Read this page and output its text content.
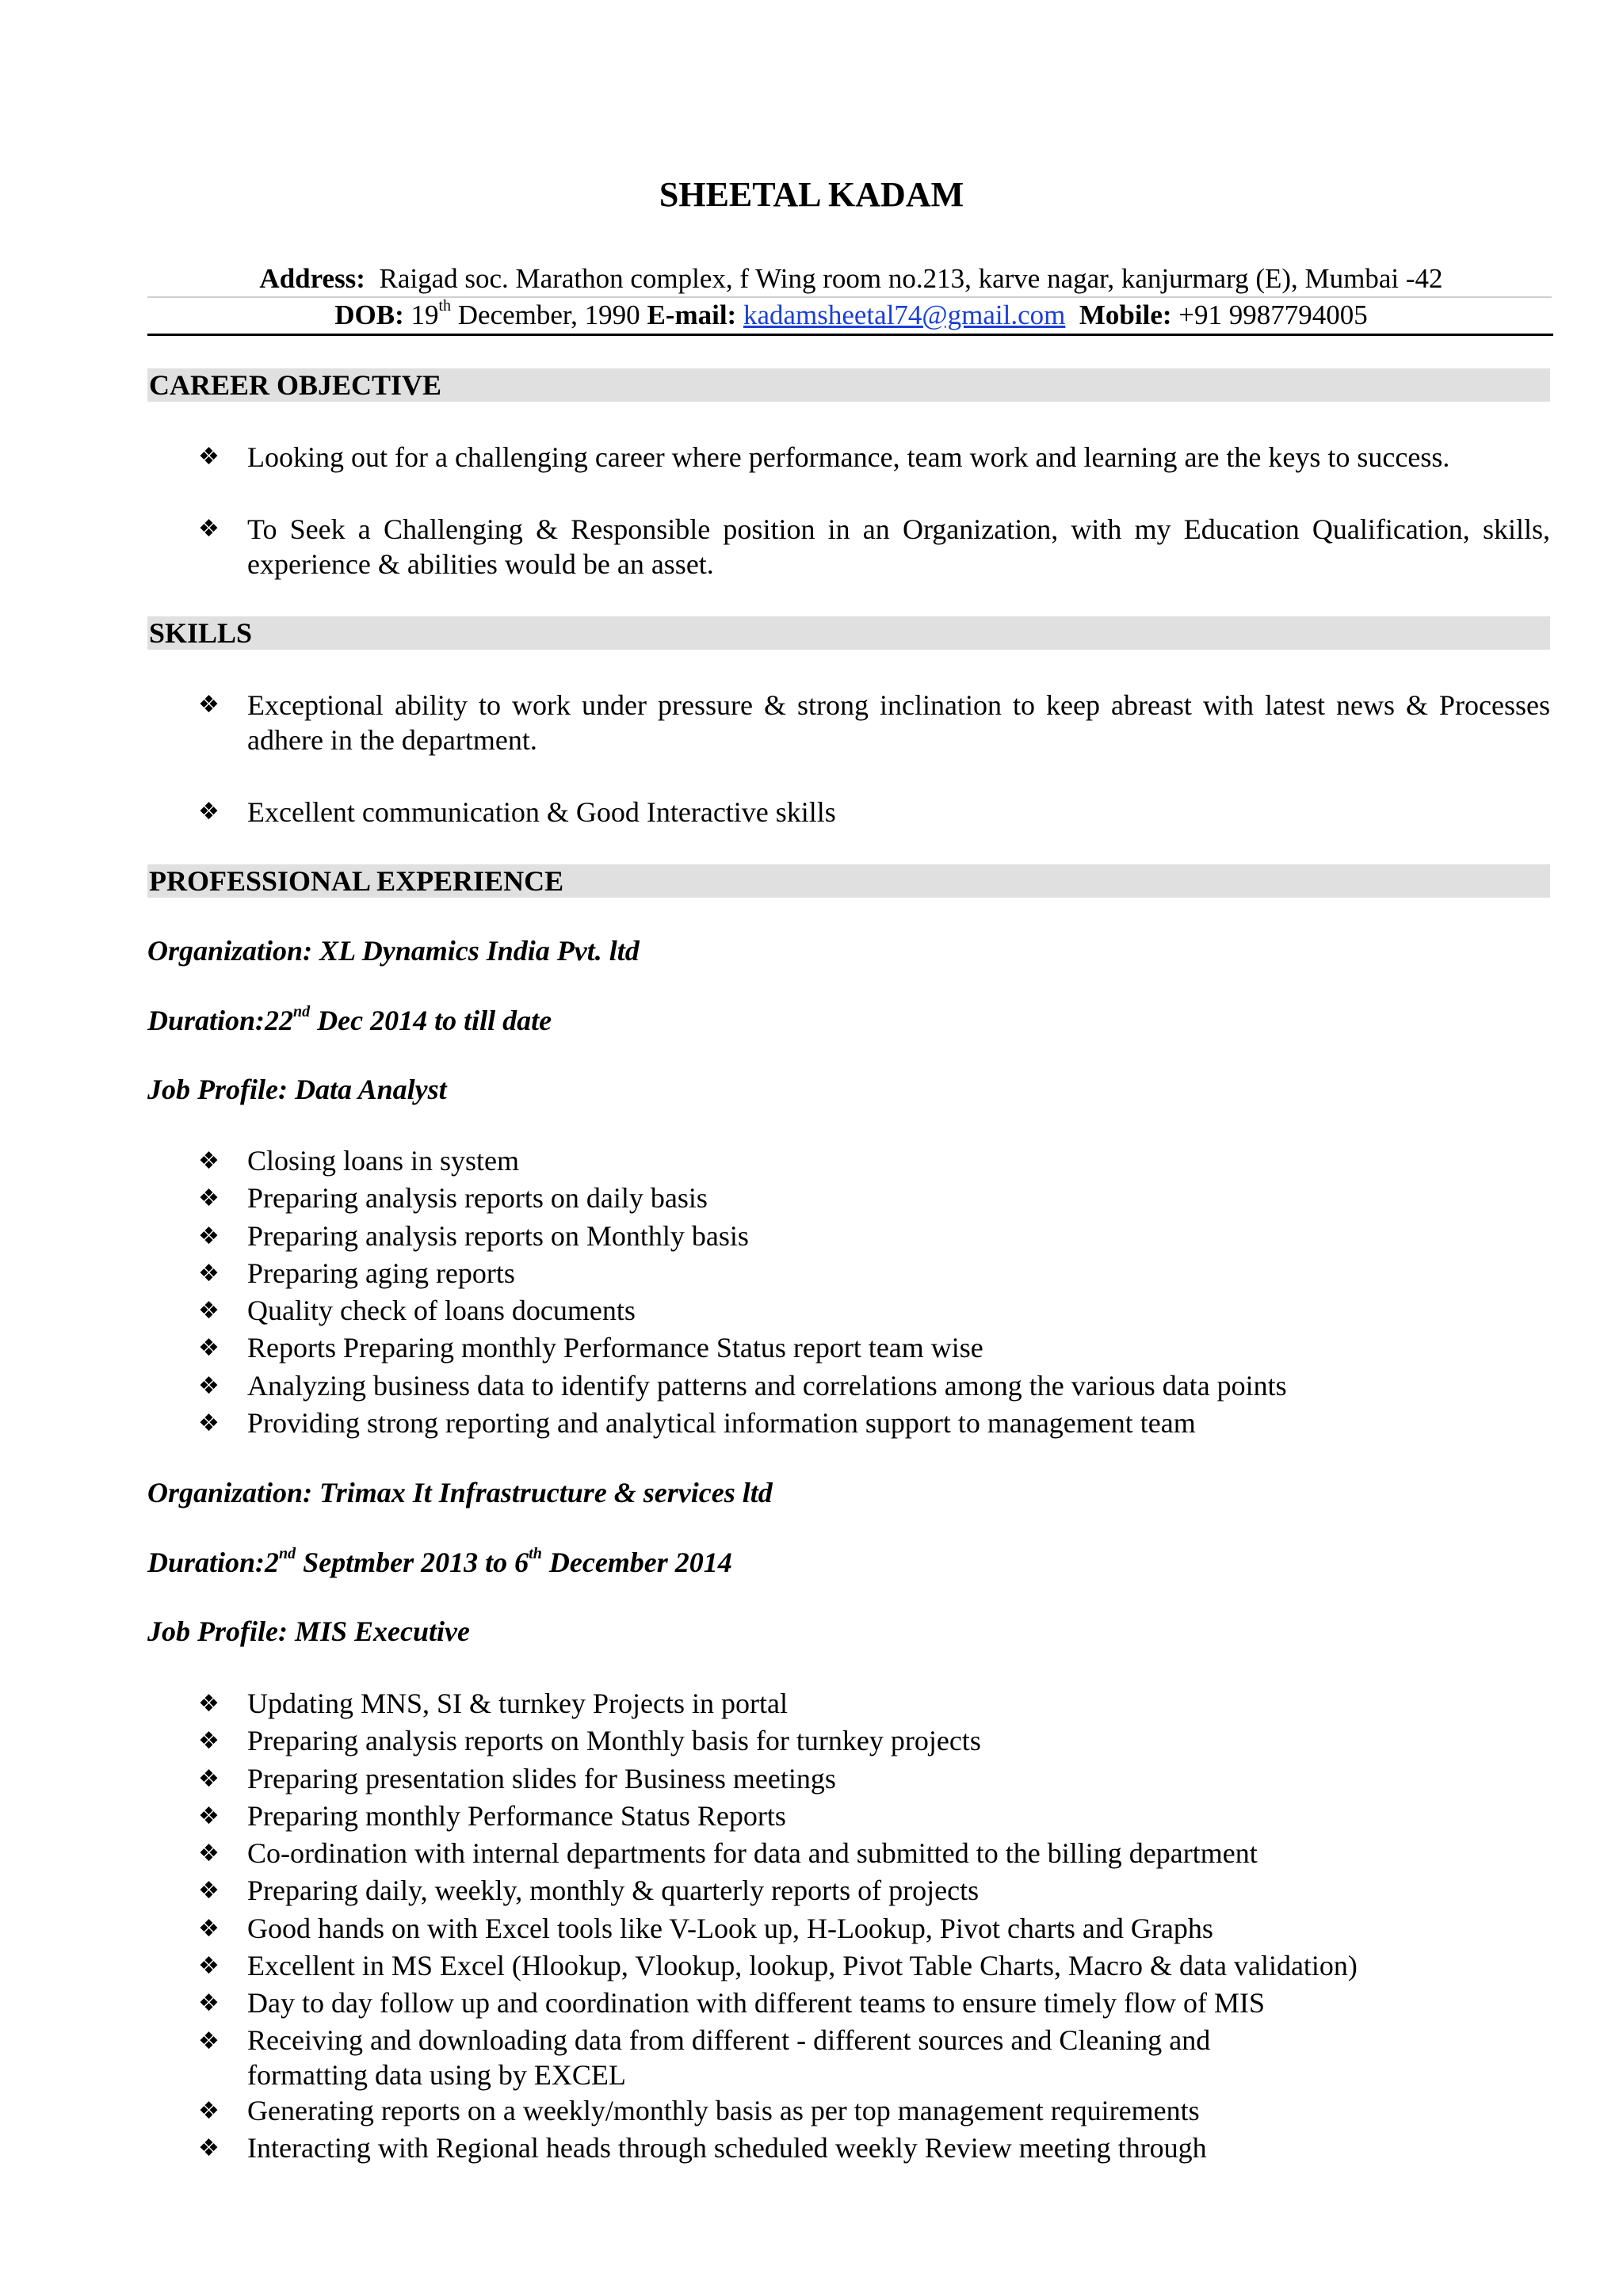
SHEETAL KADAM
Address: Raigad soc. Marathon complex, f Wing room no.213, karve nagar, kanjurmarg (E), Mumbai -42
DOB: 19th December, 1990 E-mail: kadamsheetal74@gmail.com Mobile: +91 9987794005
CAREER OBJECTIVE
❖ Looking out for a challenging career where performance, team work and learning are the keys to success.
❖ To Seek a Challenging & Responsible position in an Organization, with my Education Qualification, skills, experience & abilities would be an asset.
SKILLS
❖ Exceptional ability to work under pressure & strong inclination to keep abreast with latest news & Processes adhere in the department.
❖ Excellent communication & Good Interactive skills
PROFESSIONAL EXPERIENCE
Organization: XL Dynamics India Pvt. ltd
Duration:22nd Dec 2014 to till date
Job Profile: Data Analyst
❖ Closing loans in system
❖ Preparing analysis reports on daily basis
❖ Preparing analysis reports on Monthly basis
❖ Preparing aging reports
❖ Quality check of loans documents
❖ Reports Preparing monthly Performance Status report team wise
❖ Analyzing business data to identify patterns and correlations among the various data points
❖ Providing strong reporting and analytical information support to management team
Organization: Trimax It Infrastructure & services ltd
Duration:2nd Septmber 2013 to 6th December 2014
Job Profile: MIS Executive
❖ Updating MNS, SI & turnkey Projects in portal
❖ Preparing analysis reports on Monthly basis for turnkey projects
❖ Preparing presentation slides for Business meetings
❖ Preparing monthly Performance Status Reports
❖ Co-ordination with internal departments for data and submitted to the billing department
❖ Preparing daily, weekly, monthly & quarterly reports of projects
❖ Good hands on with Excel tools like V-Look up, H-Lookup, Pivot charts and Graphs
❖ Excellent in MS Excel (Hlookup, Vlookup, lookup, Pivot Table Charts, Macro & data validation)
❖ Day to day follow up and coordination with different teams to ensure timely flow of MIS
❖ Receiving and downloading data from different - different sources and Cleaning and formatting data using by EXCEL
❖ Generating reports on a weekly/monthly basis as per top management requirements
❖ Interacting with Regional heads through scheduled weekly Review meeting through
